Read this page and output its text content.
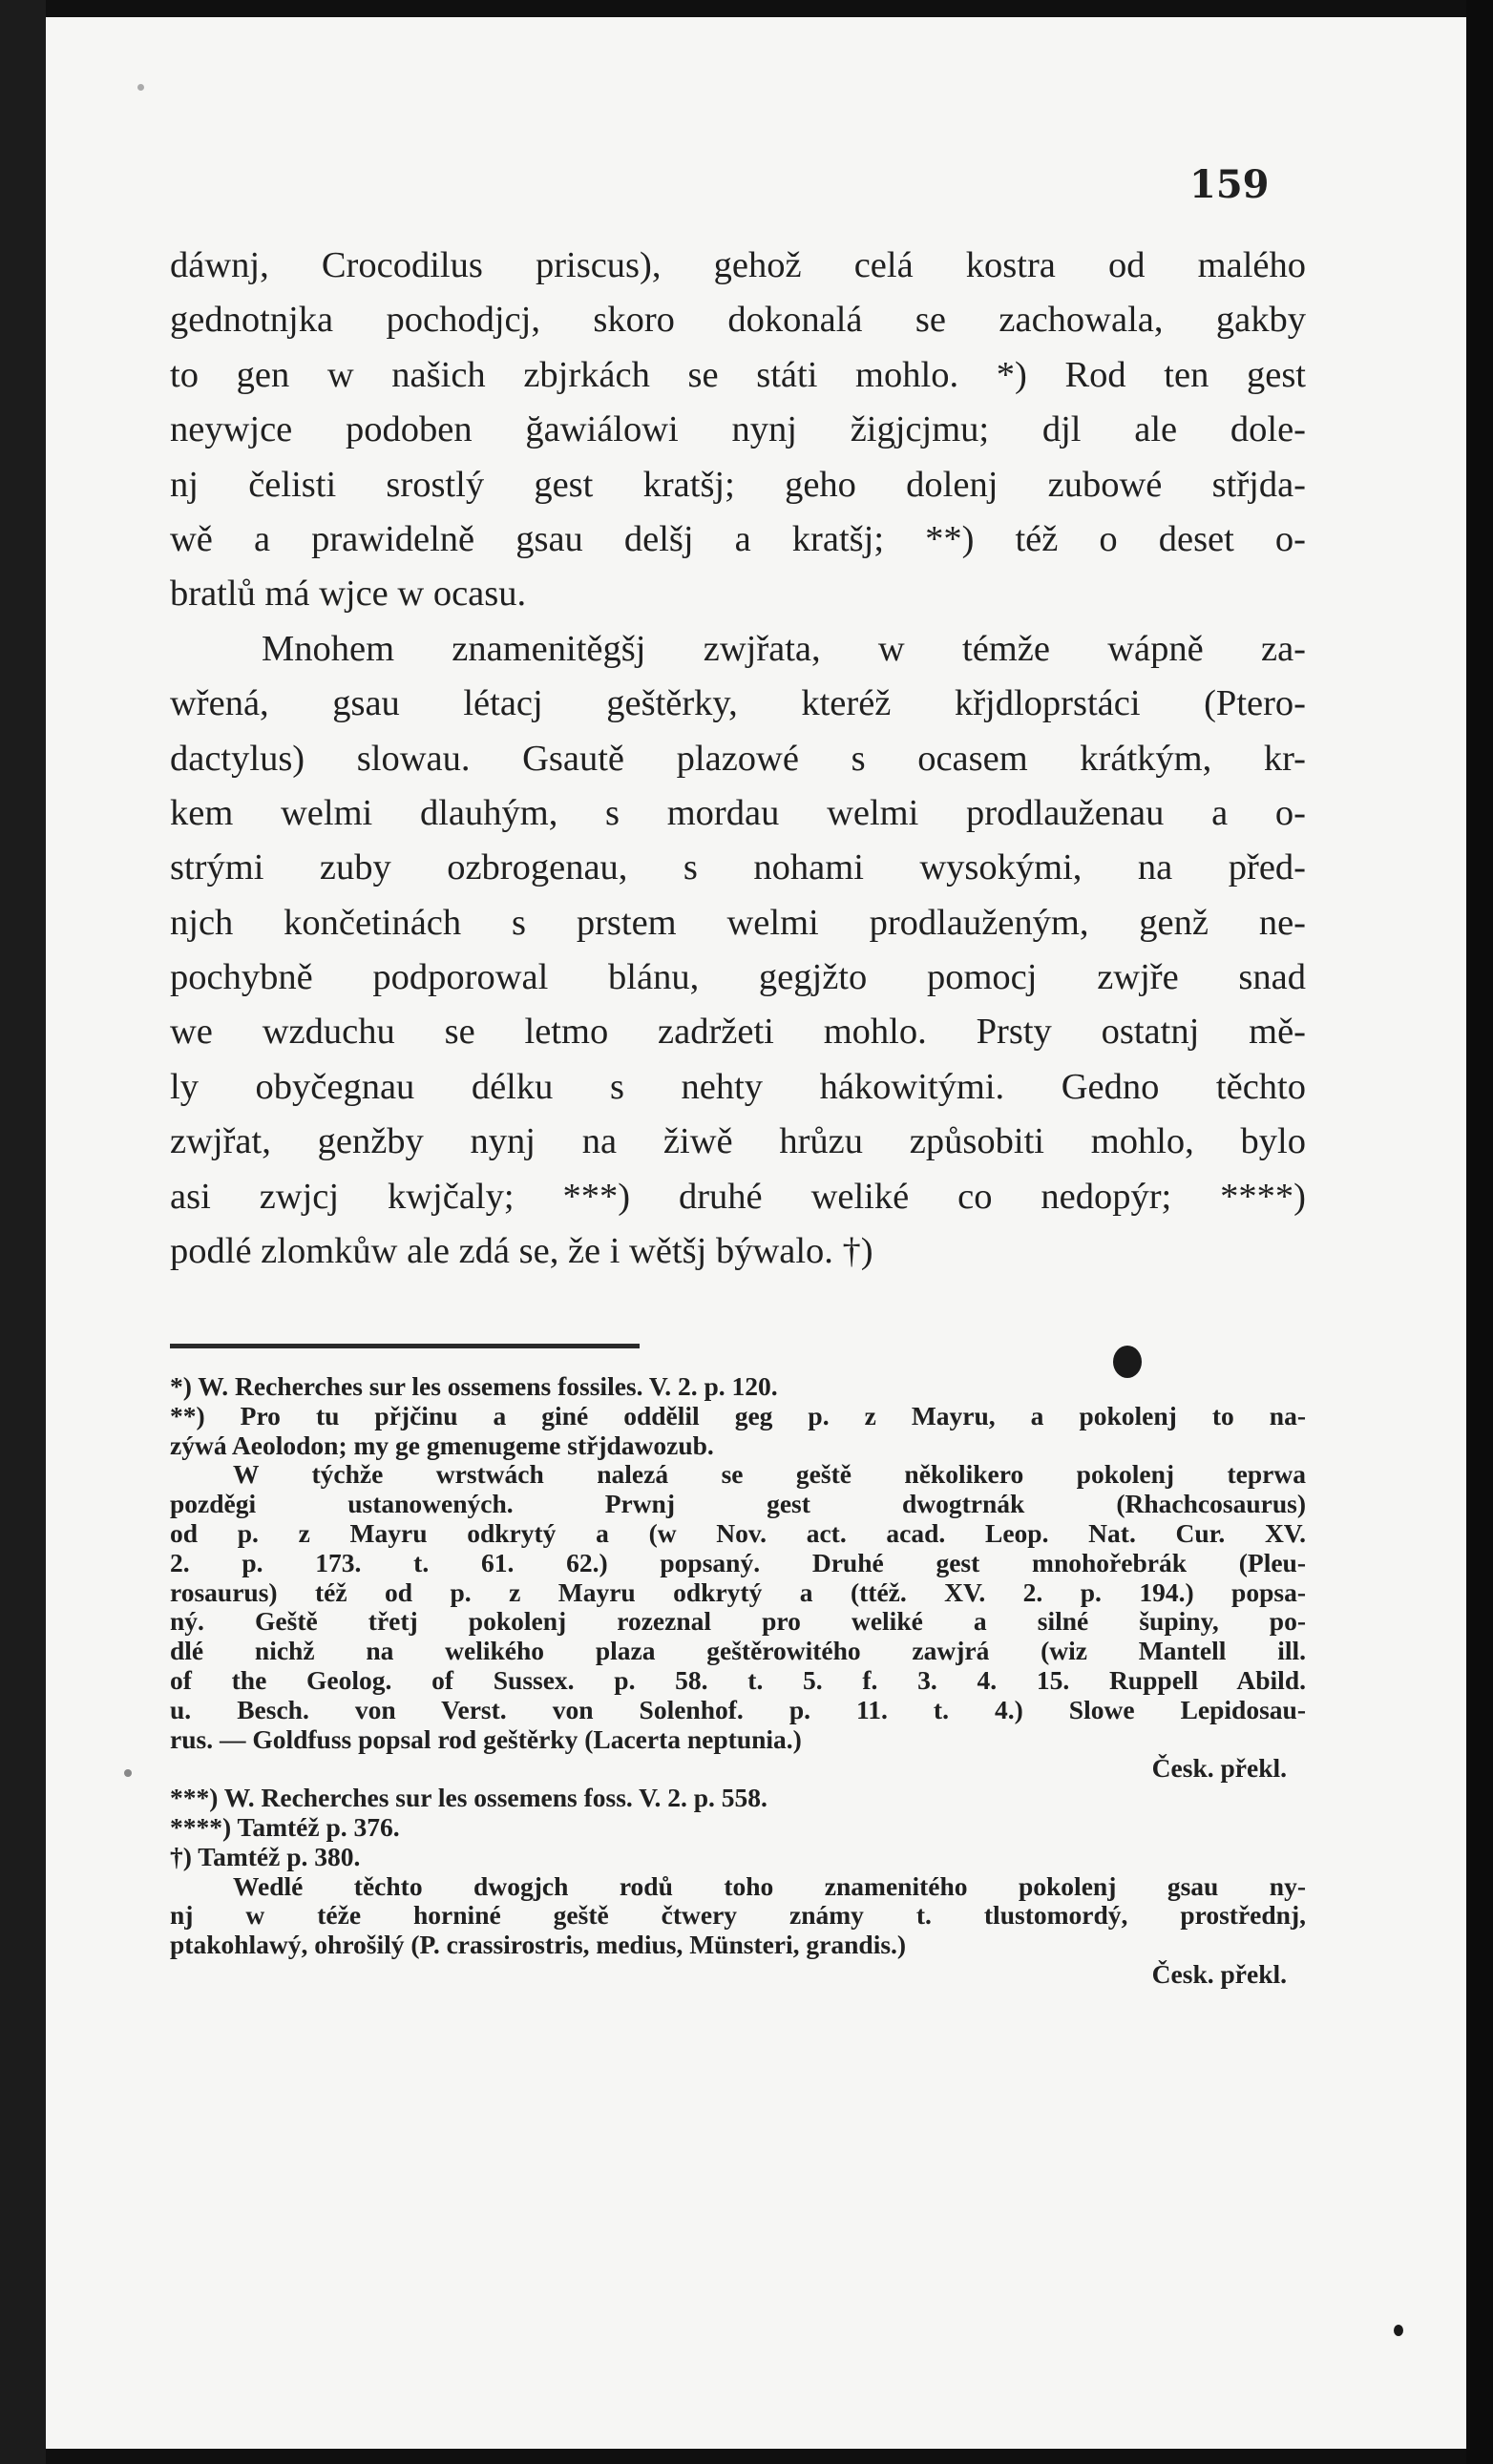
159
dáwnj, Crocodilus priscus), gehož celá kostra od malého
gednotnjka pochodjcj, skoro dokonalá se zachowala, gakby
to gen w našich zbjrkách se státi mohlo. *) Rod ten gest
neywjce podoben ğawiálowi nynj žigjcjmu; djl ale dole-
nj čelisti srostlý gest kratšj; geho dolenj zubowé střjda-
wě a prawidelně gsau delšj a kratšj; **) též o deset o-
bratlů má wjce w ocasu.
Mnohem znamenitěgšj zwjřata, w témže wápně za-
wřená, gsau létacj geštěrky, kteréž křjdloprstáci (Ptero-
dactylus) slowau. Gsautě plazowé s ocasem krátkým, kr-
kem welmi dlauhým, s mordau welmi prodlauženau a o-
strými zuby ozbrogenau, s nohami wysokými, na před-
njch končetinách s prstem welmi prodlauženým, genž ne-
pochybně podporowal blánu, gegjžto pomocj zwjře snad
we wzduchu se letmo zadržeti mohlo. Prsty ostatnj mě-
ly obyčegnau délku s nehty hákowitými. Gedno těchto
zwjřat, genžby nynj na žiwě hrůzu způsobiti mohlo, bylo
asi zwjcj kwjčaly; ***) druhé weliké co nedopýr; ****)
podlé zlomkůw ale zdá se, že i wětšj býwalo. †)
*) W. Recherches sur les ossemens fossiles. V. 2. p. 120.
**) Pro tu přjčinu a giné oddělil geg p. z Mayru, a pokolenj to na-
zýwá Aeolodon; my ge gmenugeme střjdawozub.
W týchže wrstwách nalezá se geště několikero pokolenj teprwa
pozděgi ustanowených. Prwnj gest dwogtrnák (Rhachcosaurus)
od p. z Mayru odkrytý a (w Nov. act. acad. Leop. Nat. Cur. XV.
2. p. 173. t. 61. 62.) popsaný. Druhé gest mnohořebrák (Pleu-
rosaurus) též od p. z Mayru odkrytý a (ttéž. XV. 2. p. 194.) popsa-
ný. Geště třetj pokolenj rozeznal pro weliké a silné šupiny, po-
dlé nichž na welikého plaza geštěrowitého zawjrá (wiz Mantell ill.
of the Geolog. of Sussex. p. 58. t. 5. f. 3. 4. 15. Ruppell Abild.
u. Besch. von Verst. von Solenhof. p. 11. t. 4.) Slowe Lepidosau-
rus. — Goldfuss popsal rod geštěrky (Lacerta neptunia.)
Česk. překl.
***) W. Recherches sur les ossemens foss. V. 2. p. 558.
****) Tamtéž p. 376.
†) Tamtéž p. 380.
Wedlé těchto dwogjch rodů toho znamenitého pokolenj gsau ny-
nj w téže horniné geště čtwery známy t. tlustomordý, prostřednj,
ptakohlawý, ohrošilý (P. crassirostris, medius, Münsteri, grandis.)
Česk. překl.
